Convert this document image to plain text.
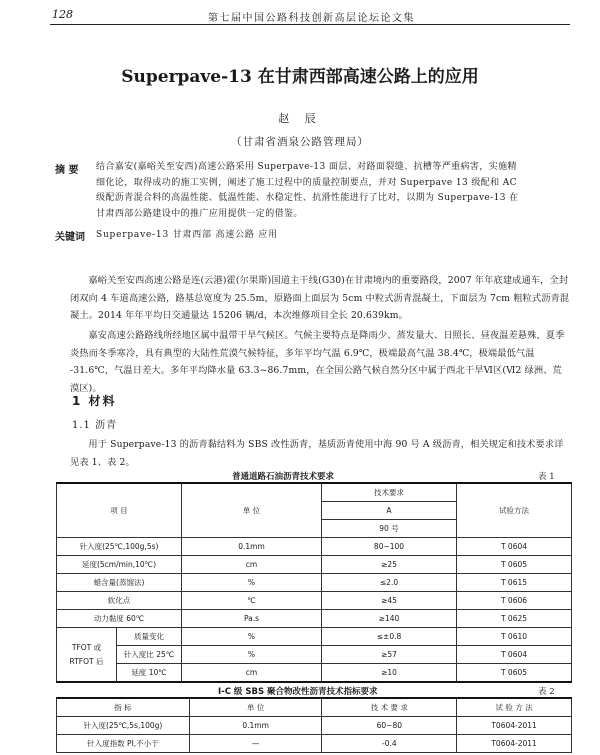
128	第七届中国公路科技创新高层论坛论文集
Superpave-13 在甘肃西部高速公路上的应用
赵 辰
（甘肃省酒泉公路管理局）
摘 要 结合嘉安(嘉峪关至安西)高速公路采用 Superpave-13 面层、对路面裂缝、抗槽等严重病害，实施精
细化论，取得成功的施工实例，阐述了施工过程中的质量控制要点，并对 Superpave 13 级配和 AC
级配沥青混合料的高温性能、低温性能、水稳定性、抗滑性能进行了比对，以期为 Superpave-13 在
甘肃西部公路建设中的推广应用提供一定的借鉴。
关键词 Superpave-13 甘肃西部 高速公路 应用
嘉峪关至安西高速公路是连(云港)霍(尔果斯)国道主干线(G30)在甘肃境内的重要路段，2007 年年底建成通车，全封闭双向 4 车道高速公路，路基总宽度为 25.5m，原路面上面层为 5cm 中粒式沥青混凝土，下面层为 7cm 粗粒式沥青混凝土。2014 年年平均日交通量达 15206 辆/d，本次维修项目全长 20.639km。
嘉安高速公路路线所经地区属中温带干旱气候区。气候主要特点是降雨少、蒸发量大、日照长、昼夜温差悬殊，夏季炎热而冬季寒冷，具有典型的大陆性荒漠气候特征，多年平均气温 6.9℃，极端最高气温 38.4℃，极端最低气温 -31.6℃，气温日差大。多年平均降水量 63.3~86.7mm，在全国公路气候自然分区中属于西北干旱Ⅵ区(Ⅵ2 绿洲、荒漠区)。
1 材料
1.1 沥青
用于 Superpave-13 的沥青黏结料为 SBS 改性沥青，基质沥青使用中海 90 号 A 级沥青，相关规定和技术要求详见表 1、表 2。
普通道路石油沥青技术要求	表 1
项 目		单 位	技术要求	试验方法
			A	
			90 号	
针入度(25℃,100g,5s)		0.1mm	80~100	T 0604
延度(5cm/min,10℃)		cm	≥25	T 0605
蜡含量(蒸馏法)		%	≤2.0	T 0615
软化点		℃	≥45	T 0606
动力黏度 60℃		Pa.s	≥140	T 0625
TFOT 或
RTFOT 后	质量变化	%	≤±0.8	T 0610
	针入度比 25℃	%	≥57	T 0604
	延度 10℃	cm	≥10	T 0605
I-C 级 SBS 聚合物改性沥青技术指标要求	表 2
指 标	单 位	技 术 要 求	试 验 方 法
针入度(25℃,5s,100g)	0.1mm	60~80	T0604-2011
针入度指数 PI,不小于	—	-0.4	T0604-2011
